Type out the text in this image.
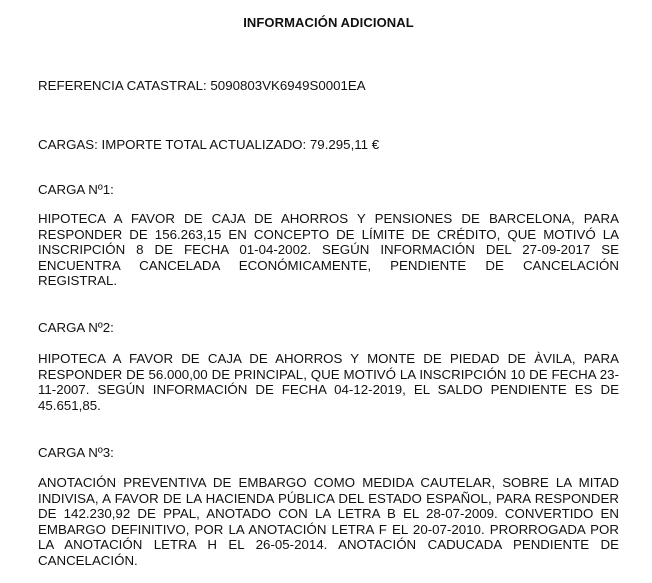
INFORMACIÓN ADICIONAL

REFERENCIA CATASTRAL: 5090803VK6949S0001EA

CARGAS: IMPORTE TOTAL ACTUALIZADO: 79.295,11 €

CARGA Nº1:

HIPOTECA A FAVOR DE CAJA DE AHORROS Y PENSIONES DE BARCELONA, PARA RESPONDER DE 156.263,15 EN CONCEPTO DE LÍMITE DE CRÉDITO, QUE MOTIVÓ LA INSCRIPCIÓN 8 DE FECHA 01-04-2002. SEGÚN INFORMACIÓN DEL 27-09-2017 SE ENCUENTRA CANCELADA ECONÓMICAMENTE, PENDIENTE DE CANCELACIÓN REGISTRAL.

CARGA Nº2:

HIPOTECA A FAVOR DE CAJA DE AHORROS Y MONTE DE PIEDAD DE ÀVILA, PARA RESPONDER DE 56.000,00 DE PRINCIPAL, QUE MOTIVÓ LA INSCRIPCIÓN 10 DE FECHA 23-11-2007. SEGÚN INFORMACIÓN DE FECHA 04-12-2019, EL SALDO PENDIENTE ES DE 45.651,85.

CARGA Nº3:

ANOTACIÓN PREVENTIVA DE EMBARGO COMO MEDIDA CAUTELAR, SOBRE LA MITAD INDIVISA, A FAVOR DE LA HACIENDA PÚBLICA DEL ESTADO ESPAÑOL, PARA RESPONDER DE 142.230,92 DE PPAL, ANOTADO CON LA LETRA B EL 28-07-2009. CONVERTIDO EN EMBARGO DEFINITIVO, POR LA ANOTACIÓN LETRA F EL 20-07-2010. PRORROGADA POR LA ANOTACIÓN LETRA H EL 26-05-2014. ANOTACIÓN CADUCADA PENDIENTE DE CANCELACIÓN.
